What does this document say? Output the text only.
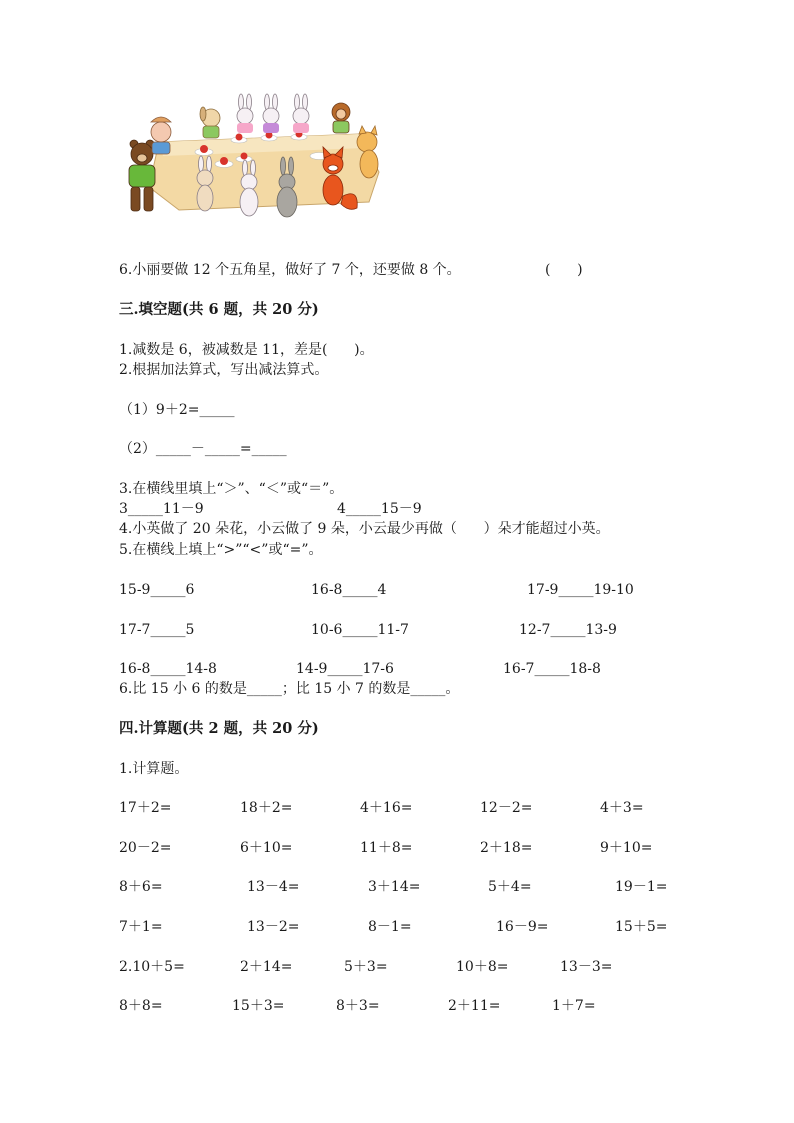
6.小丽要做 12 个五角星，做好了 7 个，还要做 8 个。	(      )
三.填空题(共 6 题，共 20 分)
1.减数是 6，被减数是 11，差是(      )。
2.根据加法算式，写出减法算式。
（1）9＋2=_____
（2）_____－_____=_____
3.在横线里填上“＞”、“＜”或“＝”。
3_____11－9	4_____15－9
4.小英做了 20 朵花，小云做了 9 朵，小云最少再做（      ）朵才能超过小英。
5.在横线上填上“>”“<”或“=”。
15-9_____6	16-8_____4	17-9_____19-10
17-7_____5	10-6_____11-7	12-7_____13-9
16-8_____14-8	14-9_____17-6	16-7_____18-8
6.比 15 小 6 的数是_____；比 15 小 7 的数是_____。
四.计算题(共 2 题，共 20 分)
1.计算题。
17＋2=	18＋2=	4＋16=	12－2=	4＋3=
20－2=	6＋10=	11＋8=	2＋18=	9＋10=
8＋6=	13－4=	3＋14=	5＋4=	19－1=
7＋1=	13－2=	8－1=	16－9=	15＋5=
2.10＋5=	2＋14=	5＋3=	10＋8=	13－3=
8＋8=	15＋3=	8＋3=	2＋11=	1＋7=
